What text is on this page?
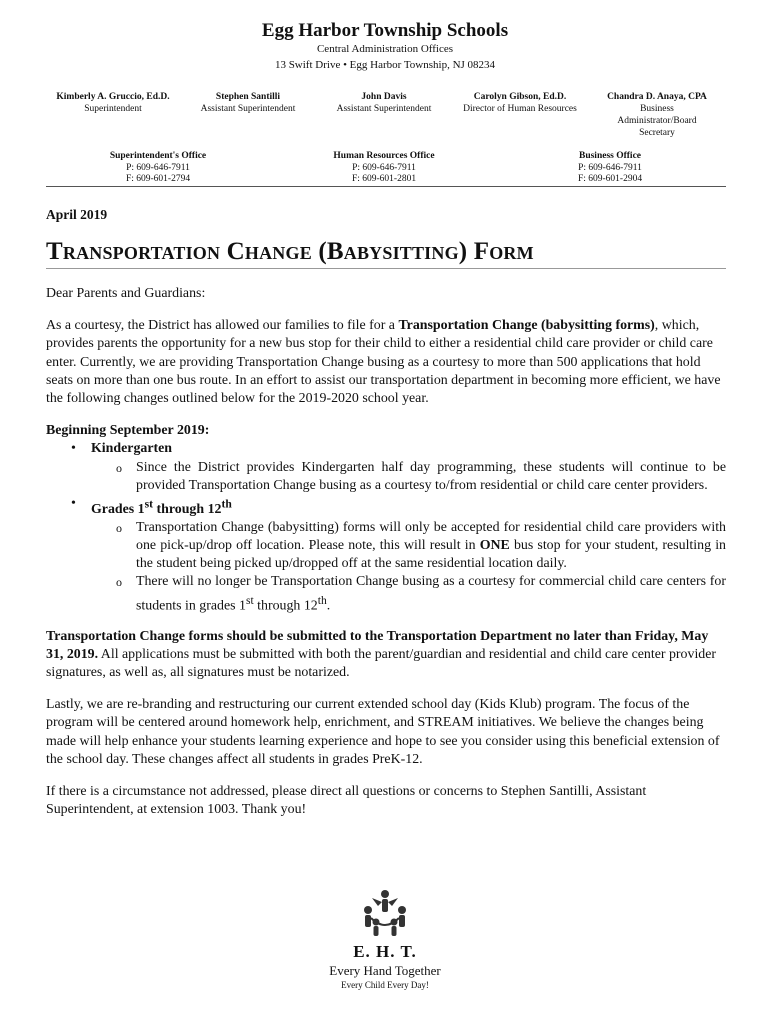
Egg Harbor Township Schools
Central Administration Offices
13 Swift Drive • Egg Harbor Township, NJ 08234
Kimberly A. Gruccio, Ed.D.
Superintendent
Stephen Santilli
Assistant Superintendent
John Davis
Assistant Superintendent
Carolyn Gibson, Ed.D.
Director of Human Resources
Chandra D. Anaya, CPA
Business
Administrator/Board
Secretary
Superintendent's Office
P: 609-646-7911
F: 609-601-2794
Human Resources Office
P: 609-646-7911
F: 609-601-2801
Business Office
P: 609-646-7911
F: 609-601-2904
April 2019
Transportation Change (Babysitting) Form

Dear Parents and Guardians:

As a courtesy, the District has allowed our families to file for a Transportation Change (babysitting forms), which, provides parents the opportunity for a new bus stop for their child to either a residential child care provider or child care enter. Currently, we are providing Transportation Change busing as a courtesy to more than 500 applications that hold seats on more than one bus route. In an effort to assist our transportation department in becoming more efficient, we have the following changes outlined below for the 2019-2020 school year.

Beginning September 2019:

• Kindergarten
o Since the District provides Kindergarten half day programming, these students will continue to be provided Transportation Change busing as a courtesy to/from residential or child care center providers.
• Grades 1st through 12th
o Transportation Change (babysitting) forms will only be accepted for residential child care providers with one pick-up/drop off location. Please note, this will result in ONE bus stop for your student, resulting in the student being picked up/dropped off at the same residential location daily.
o There will no longer be Transportation Change busing as a courtesy for commercial child care centers for students in grades 1st through 12th.

Transportation Change forms should be submitted to the Transportation Department no later than Friday, May 31, 2019. All applications must be submitted with both the parent/guardian and residential and child care center provider signatures, as well as, all signatures must be notarized.

Lastly, we are re-branding and restructuring our current extended school day (Kids Klub) program. The focus of the program will be centered around homework help, enrichment, and STREAM initiatives. We believe the changes being made will help enhance your students learning experience and hope to see you consider using this beneficial extension of the school day. These changes affect all students in grades PreK-12.

If there is a circumstance not addressed, please direct all questions or concerns to Stephen Santilli, Assistant Superintendent, at extension 1003. Thank you!

E. H. T.
Every Hand Together
Every Child Every Day!
